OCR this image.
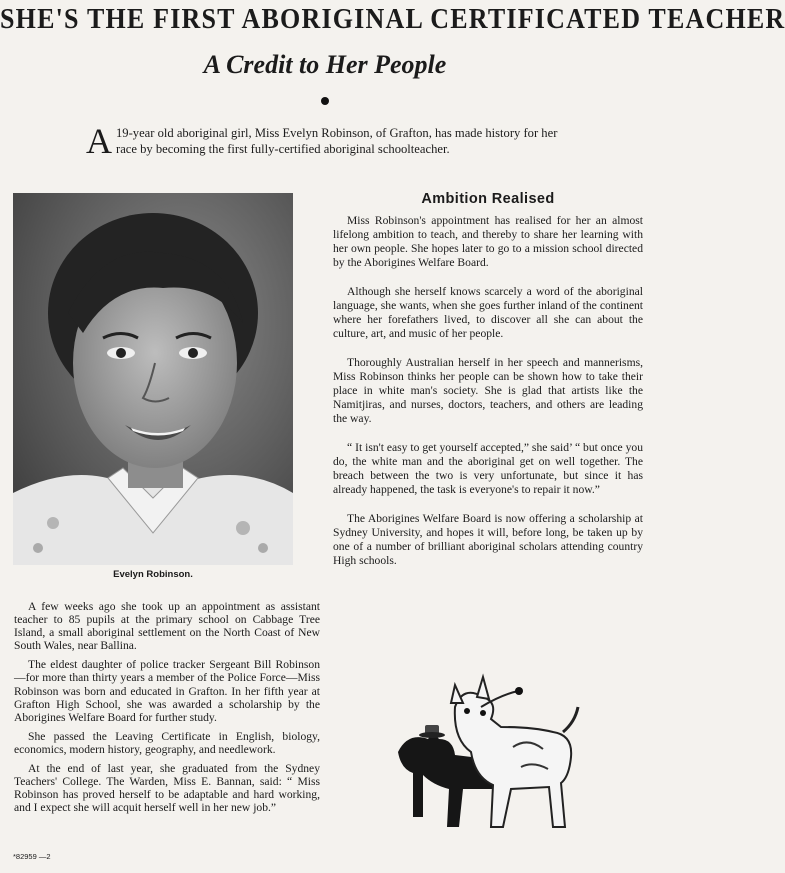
SHE'S THE FIRST ABORIGINAL CERTIFICATED TEACHER
A Credit to Her People
A 19-year old aboriginal girl, Miss Evelyn Robinson, of Grafton, has made history for her race by becoming the first fully-certified aboriginal schoolteacher.
Evelyn Robinson.

A few weeks ago she took up an appointment as assistant teacher to 85 pupils at the primary school on Cabbage Tree Island, a small aboriginal settlement on the North Coast of New South Wales, near Ballina.

The eldest daughter of police tracker Sergeant Bill Robinson—for more than thirty years a member of the Police Force—Miss Robinson was born and educated in Grafton. In her fifth year at Grafton High School, she was awarded a scholarship by the Aborigines Welfare Board for further study.

She passed the Leaving Certificate in English, biology, economics, modern history, geography, and needlework.

At the end of last year, she graduated from the Sydney Teachers' College. The Warden, Miss E. Bannan, said: “ Miss Robinson has proved herself to be adaptable and hard working, and I expect she will acquit herself well in her new job.”

Ambition Realised

Miss Robinson's appointment has realised for her an almost lifelong ambition to teach, and thereby to share her learning with her own people. She hopes later to go to a mission school directed by the Aborigines Welfare Board.

Although she herself knows scarcely a word of the aboriginal language, she wants, when she goes further inland of the continent where her forefathers lived, to discover all she can about the culture, art, and music of her people.

Thoroughly Australian herself in her speech and mannerisms, Miss Robinson thinks her people can be shown how to take their place in white man's society. She is glad that artists like the Namitjiras, and nurses, doctors, teachers, and others are leading the way.

“ It isn't easy to get yourself accepted,” she said’ “ but once you do, the white man and the aboriginal get on well together. The breach between the two is very unfortunate, but since it has already happened, the task is everyone's to repair it now.”

The Aborigines Welfare Board is now offering a scholarship at Sydney University, and hopes it will, before long, be taken up by one of a number of brilliant aboriginal scholars attending country High schools.

*82959 —2
